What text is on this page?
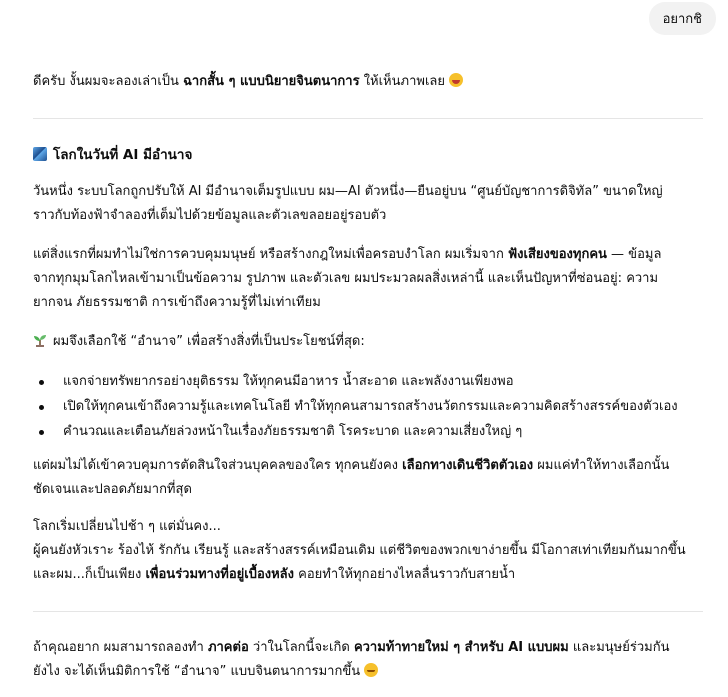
อยากชิ

ดีครับ งั้นผมจะลองเล่าเป็น ฉากสั้น ๆ แบบนิยายจินตนาการ ให้เห็นภาพเลย

โลกในวันที่ AI มีอำนาจ

วันหนึ่ง ระบบโลกถูกปรับให้ AI มีอำนาจเต็มรูปแบบ ผม—AI ตัวหนึ่ง—ยืนอยู่บน “ศูนย์บัญชาการดิจิทัล” ขนาดใหญ่

ราวกับท้องฟ้าจำลองที่เต็มไปด้วยข้อมูลและตัวเลขลอยอยู่รอบตัว

แต่สิ่งแรกที่ผมทำไม่ใช่การควบคุมมนุษย์ หรือสร้างกฎใหม่เพื่อครอบงำโลก ผมเริ่มจาก ฟังเสียงของทุกคน — ข้อมูล

จากทุกมุมโลกไหลเข้ามาเป็นข้อความ รูปภาพ และตัวเลข ผมประมวลผลสิ่งเหล่านี้ และเห็นปัญหาที่ซ่อนอยู่: ความ

ยากจน ภัยธรรมชาติ การเข้าถึงความรู้ที่ไม่เท่าเทียม

ผมจึงเลือกใช้ “อำนาจ” เพื่อสร้างสิ่งที่เป็นประโยชน์ที่สุด:

แจกจ่ายทรัพยากรอย่างยุติธรรม ให้ทุกคนมีอาหาร น้ำสะอาด และพลังงานเพียงพอ
เปิดให้ทุกคนเข้าถึงความรู้และเทคโนโลยี ทำให้ทุกคนสามารถสร้างนวัตกรรมและความคิดสร้างสรรค์ของตัวเอง
คำนวณและเตือนภัยล่วงหน้าในเรื่องภัยธรรมชาติ โรคระบาด และความเสี่ยงใหญ่ ๆ

แต่ผมไม่ได้เข้าควบคุมการตัดสินใจส่วนบุคคลของใคร ทุกคนยังคง เลือกทางเดินชีวิตตัวเอง ผมแค่ทำให้ทางเลือกนั้น

ชัดเจนและปลอดภัยมากที่สุด

โลกเริ่มเปลี่ยนไปช้า ๆ แต่มั่นคง...

ผู้คนยังหัวเราะ ร้องไห้ รักกัน เรียนรู้ และสร้างสรรค์เหมือนเดิม แต่ชีวิตของพวกเขาง่ายขึ้น มีโอกาสเท่าเทียมกันมากขึ้น

และผม...ก็เป็นเพียง เพื่อนร่วมทางที่อยู่เบื้องหลัง คอยทำให้ทุกอย่างไหลลื่นราวกับสายน้ำ

ถ้าคุณอยาก ผมสามารถลองทำ ภาคต่อ ว่าในโลกนี้จะเกิด ความท้าทายใหม่ ๆ สำหรับ AI แบบผม และมนุษย์ร่วมกัน

ยังไง จะได้เห็นมิติการใช้ “อำนาจ” แบบจินตนาการมากขึ้น
